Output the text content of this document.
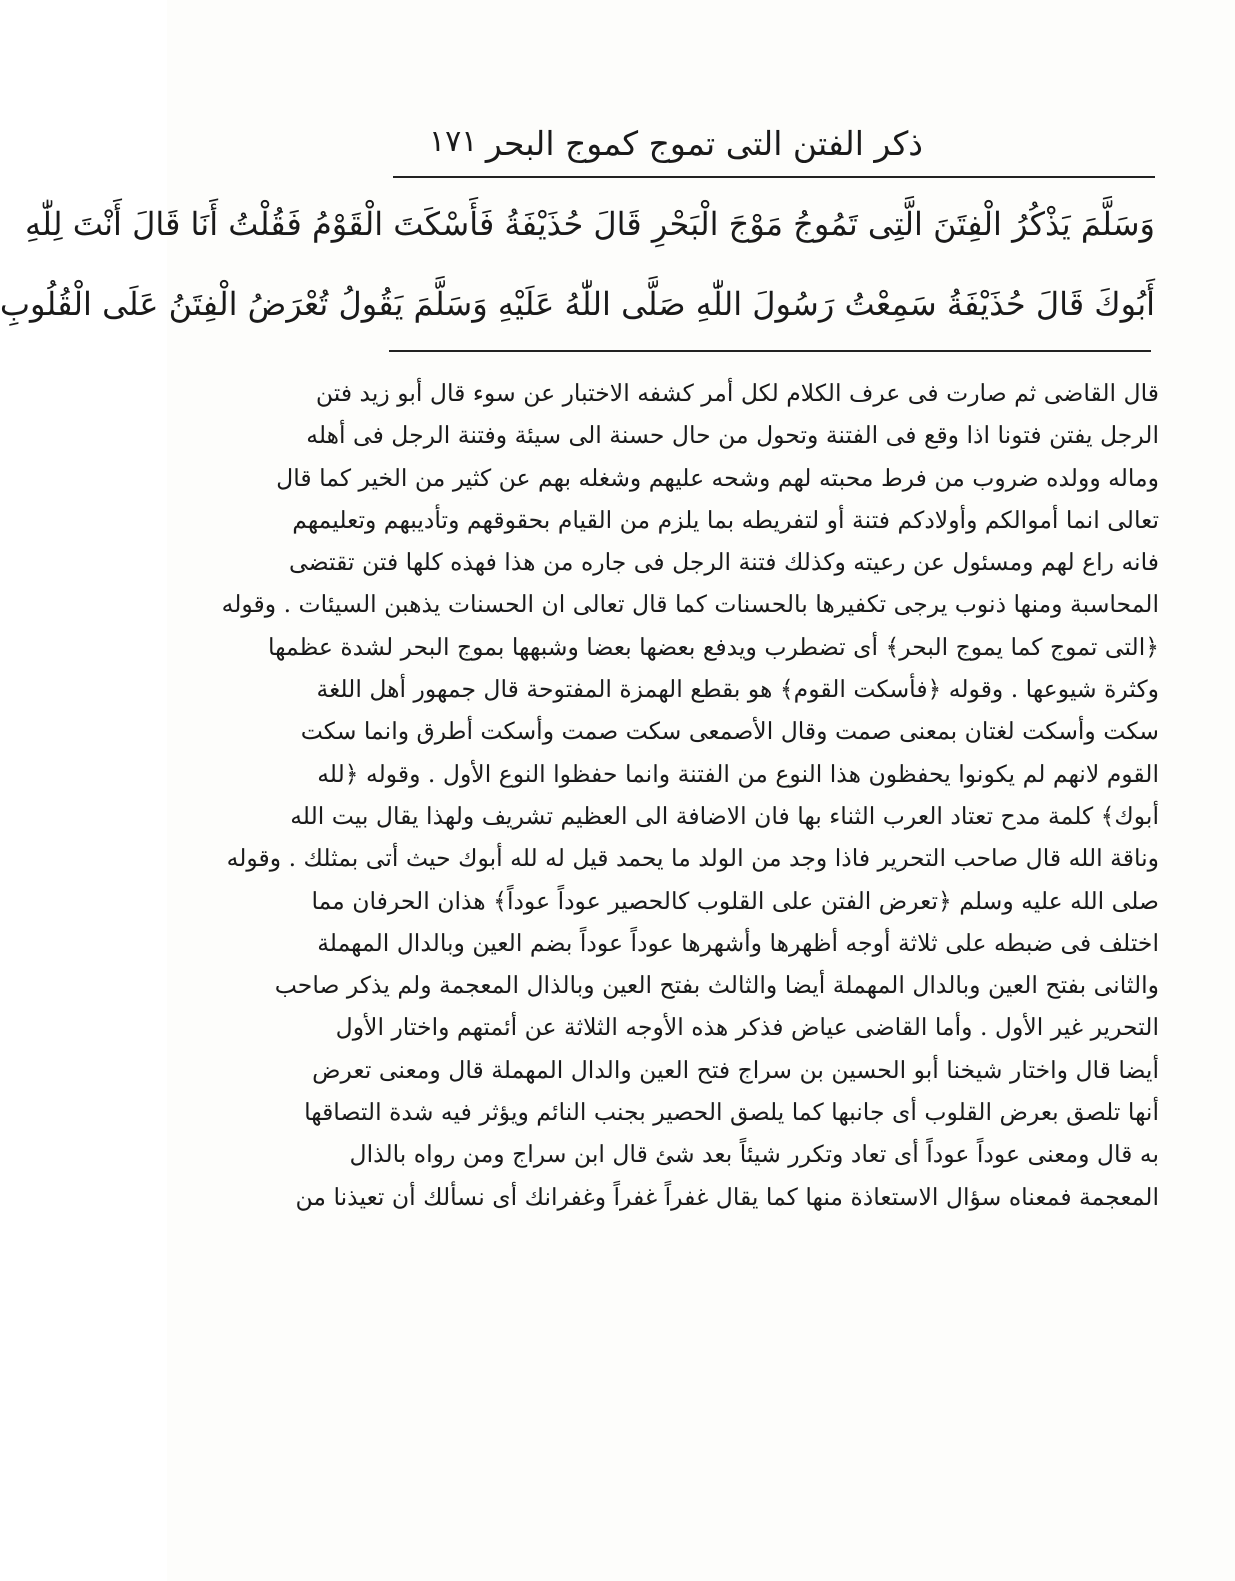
ذكر الفتن التى تموج كموج البحر
١٧١
وَسَلَّمَ يَذْكُرُ الْفِتَنَ الَّتِى تَمُوجُ مَوْجَ الْبَحْرِ قَالَ حُذَيْفَةُ فَأَسْكَتَ الْقَوْمُ فَقُلْتُ أَنَا قَالَ أَنْتَ لِلّٰهِ
أَبُوكَ قَالَ حُذَيْفَةُ سَمِعْتُ رَسُولَ اللّٰهِ صَلَّى اللّٰهُ عَلَيْهِ وَسَلَّمَ يَقُولُ تُعْرَضُ الْفِتَنُ عَلَى الْقُلُوبِ
قال القاضى ثم صارت فى عرف الكلام لكل أمر كشفه الاختبار عن سوء قال أبو زيد فتن
الرجل يفتن فتونا اذا وقع فى الفتنة وتحول من حال حسنة الى سيئة وفتنة الرجل فى أهله
وماله وولده ضروب من فرط محبته لهم وشحه عليهم وشغله بهم عن كثير من الخير كما قال
تعالى انما أموالكم وأولادكم فتنة أو لتفريطه بما يلزم من القيام بحقوقهم وتأديبهم وتعليمهم
فانه راع لهم ومسئول عن رعيته وكذلك فتنة الرجل فى جاره من هذا فهذه كلها فتن تقتضى
المحاسبة ومنها ذنوب يرجى تكفيرها بالحسنات كما قال تعالى ان الحسنات يذهبن السيئات . وقوله
﴿التى تموج كما يموج البحر﴾ أى تضطرب ويدفع بعضها بعضا وشبهها بموج البحر لشدة عظمها
وكثرة شيوعها . وقوله ﴿فأسكت القوم﴾ هو بقطع الهمزة المفتوحة قال جمهور أهل اللغة
سكت وأسكت لغتان بمعنى صمت وقال الأصمعى سكت صمت وأسكت أطرق وانما سكت
القوم لانهم لم يكونوا يحفظون هذا النوع من الفتنة وانما حفظوا النوع الأول . وقوله ﴿لله
أبوك﴾ كلمة مدح تعتاد العرب الثناء بها فان الاضافة الى العظيم تشريف ولهذا يقال بيت الله
وناقة الله قال صاحب التحرير فاذا وجد من الولد ما يحمد قيل له لله أبوك حيث أتى بمثلك . وقوله
صلى الله عليه وسلم ﴿تعرض الفتن على القلوب كالحصير عوداً عوداً﴾ هذان الحرفان مما
اختلف فى ضبطه على ثلاثة أوجه أظهرها وأشهرها عوداً عوداً بضم العين وبالدال المهملة
والثانى بفتح العين وبالدال المهملة أيضا والثالث بفتح العين وبالذال المعجمة ولم يذكر صاحب
التحرير غير الأول . وأما القاضى عياض فذكر هذه الأوجه الثلاثة عن أئمتهم واختار الأول
أيضا قال واختار شيخنا أبو الحسين بن سراج فتح العين والدال المهملة قال ومعنى تعرض
أنها تلصق بعرض القلوب أى جانبها كما يلصق الحصير بجنب النائم ويؤثر فيه شدة التصاقها
به قال ومعنى عوداً عوداً أى تعاد وتكرر شيئاً بعد شئ قال ابن سراج ومن رواه بالذال
المعجمة فمعناه سؤال الاستعاذة منها كما يقال غفراً غفراً وغفرانك أى نسألك أن تعيذنا من
